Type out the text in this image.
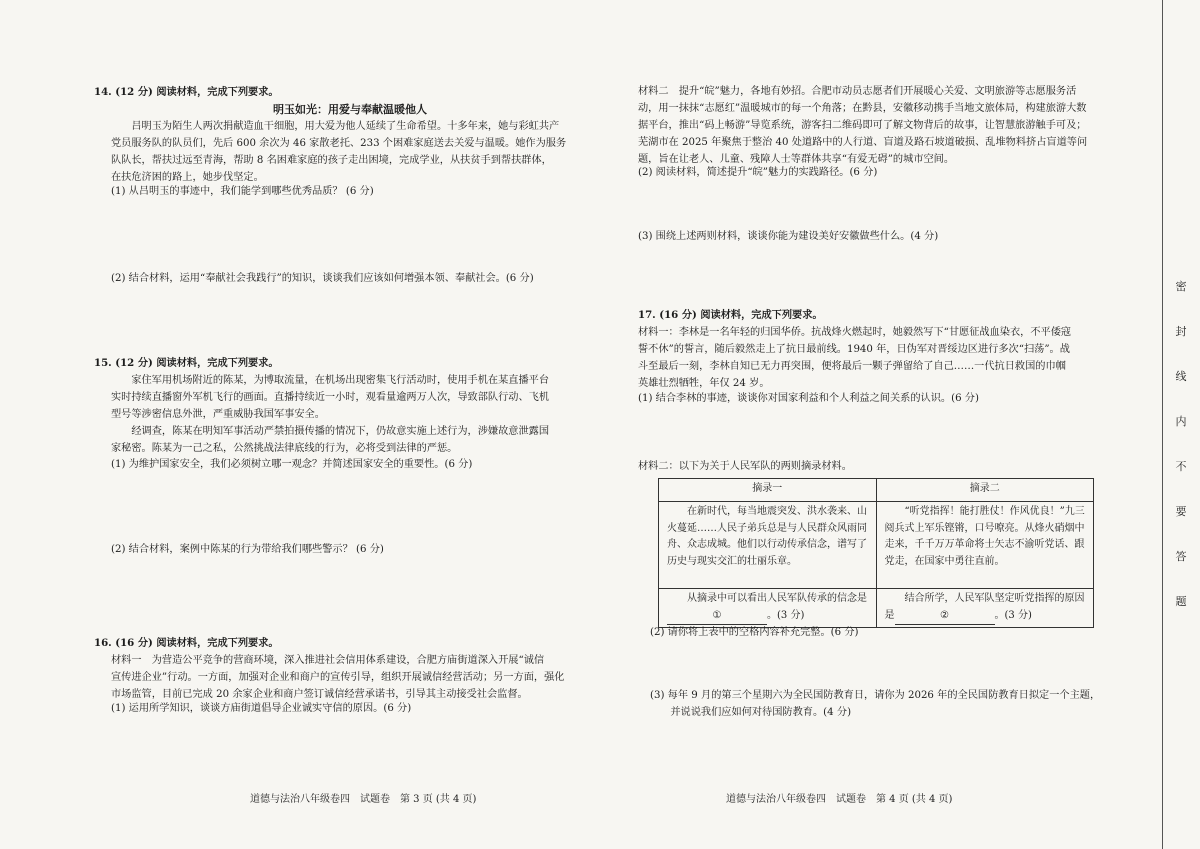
14. (12 分) 阅读材料，完成下列要求。
明玉如光：用爱与奉献温暖他人
　　吕明玉为陌生人两次捐献造血干细胞，用大爱为他人延续了生命希望。十多年来，她与彩虹共产
党员服务队的队员们，先后 600 余次为 46 家散老托、233 个困难家庭送去关爱与温暖。她作为服务
队队长，帮扶过远至青海，帮助 8 名困难家庭的孩子走出困境，完成学业，从扶贫手到帮扶群体，
在扶危济困的路上，她步伐坚定。
(1) 从吕明玉的事迹中，我们能学到哪些优秀品质？ (6 分)
(2) 结合材料，运用“奉献社会我践行”的知识，谈谈我们应该如何增强本领、奉献社会。(6 分)
15. (12 分) 阅读材料，完成下列要求。
　　家住军用机场附近的陈某，为博取流量，在机场出现密集飞行活动时，使用手机在某直播平台
实时持续直播窗外军机飞行的画面。直播持续近一小时，观看量逾两万人次，导致部队行动、飞机
型号等涉密信息外泄，严重威胁我国军事安全。
　　经调查，陈某在明知军事活动严禁拍摄传播的情况下，仍故意实施上述行为，涉嫌故意泄露国
家秘密。陈某为一己之私，公然挑战法律底线的行为，必将受到法律的严惩。
(1) 为维护国家安全，我们必须树立哪一观念？并简述国家安全的重要性。(6 分)
(2) 结合材料，案例中陈某的行为带给我们哪些警示？ (6 分)
16. (16 分) 阅读材料，完成下列要求。
材料一　为营造公平竞争的营商环境，深入推进社会信用体系建设，合肥方庙街道深入开展“诚信
宣传进企业”行动。一方面，加强对企业和商户的宣传引导，组织开展诚信经营活动；另一方面，强化
市场监管，目前已完成 20 余家企业和商户签订诚信经营承诺书，引导其主动接受社会监督。
(1) 运用所学知识，谈谈方庙街道倡导企业诚实守信的原因。(6 分)
道德与法治八年级卷四　试题卷　第 3 页 (共 4 页)
材料二　提升“皖”魅力，各地有妙招。合肥市动员志愿者们开展暖心关爱、文明旅游等志愿服务活
动，用一抹抹“志愿红”温暖城市的每一个角落；在黔县，安徽移动携手当地文旅体局，构建旅游大数
据平台，推出“码上畅游”导览系统，游客扫二维码即可了解文物背后的故事，让智慧旅游触手可及；
芜湖市在 2025 年聚焦于整治 40 处道路中的人行道、盲道及路石坡道破损、乱堆物料挤占盲道等问
题，旨在让老人、儿童、残障人士等群体共享“有爱无碍”的城市空间。
(2) 阅读材料，简述提升“皖”魅力的实践路径。(6 分)
(3) 围绕上述两则材料，谈谈你能为建设美好安徽做些什么。(4 分)
17. (16 分) 阅读材料，完成下列要求。
材料一：李林是一名年轻的归国华侨。抗战烽火燃起时，她毅然写下“甘愿征战血染衣，不平倭寇
誓不休”的誓言，随后毅然走上了抗日最前线。1940 年，日伪军对晋绥边区进行多次“扫荡”。战
斗至最后一刻，李林自知已无力再突围，便将最后一颗子弹留给了自己……一代抗日救国的巾帼
英雄壮烈牺牲，年仅 24 岁。
(1) 结合李林的事迹，谈谈你对国家利益和个人利益之间关系的认识。(6 分)
材料二：以下为关于人民军队的两则摘录材料。
道德与法治八年级卷四　试题卷　第 4 页 (共 4 页)
摘录一	摘录二
　　在新时代，每当地震突发、洪水袭来、山火蔓延……人民子弟兵总是与人民群众风雨同舟、众志成城。他们以行动传承信念，谱写了历史与现实交汇的壮丽乐章。	　　“听党指挥！能打胜仗！作风优良！”九三阅兵式上军乐铿锵，口号嘹亮。从烽火硝烟中走来，千千万万革命将士矢志不渝听党话、跟党走，在国家中勇往直前。
　　从摘录中可以看出人民军队传承的信念是① 。(3 分)	　　结合所学，人民军队坚定听党指挥的原因是 ② 。(3 分)
(2) 请你将上表中的空格内容补充完整。(6 分)
(3) 每年 9 月的第三个星期六为全民国防教育日，请你为 2026 年的全民国防教育日拟定一个主题，
　　并说说我们应如何对待国防教育。(4 分)
密
封
线
内
不
要
答
题
